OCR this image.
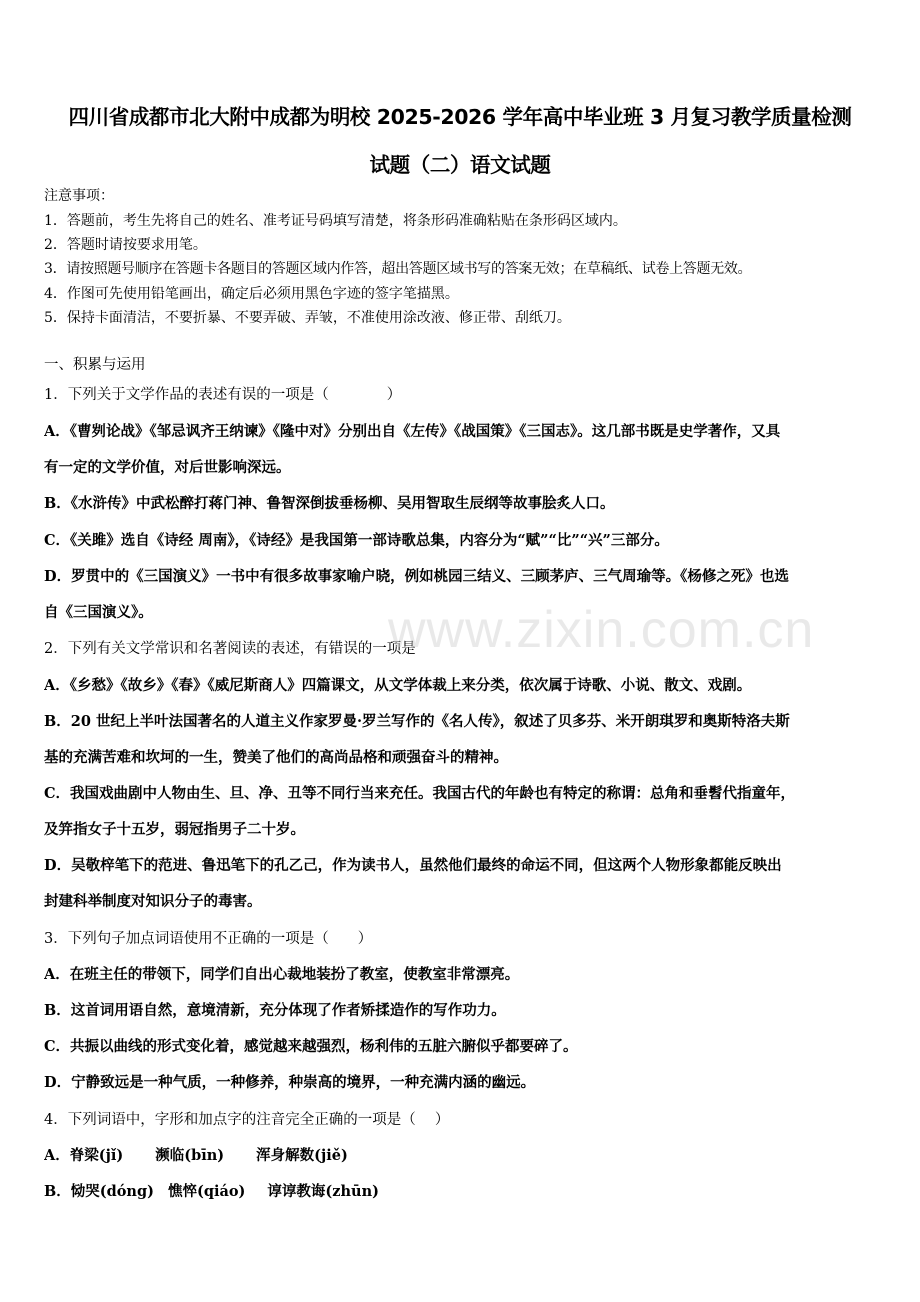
四川省成都市北大附中成都为明校 2025-2026 学年高中毕业班 3 月复习教学质量检测
试题（二）语文试题
注意事项：
1．答题前，考生先将自己的姓名、准考证号码填写清楚，将条形码准确粘贴在条形码区域内。
2．答题时请按要求用笔。
3．请按照题号顺序在答题卡各题目的答题区域内作答，超出答题区域书写的答案无效；在草稿纸、试卷上答题无效。
4．作图可先使用铅笔画出，确定后必须用黑色字迹的签字笔描黑。
5．保持卡面清洁，不要折暴、不要弄破、弄皱，不准使用涂改液、修正带、刮纸刀。
一、积累与运用
1．下列关于文学作品的表述有误的一项是（　　　　）
A．《曹刿论战》《邹忌讽齐王纳谏》《隆中对》分别出自《左传》《战国策》《三国志》。这几部书既是史学著作，又具
有一定的文学价值，对后世影响深远。
B．《水浒传》中武松醉打蒋门神、鲁智深倒拔垂杨柳、吴用智取生辰纲等故事脍炙人口。
C．《关雎》选自《诗经 周南》，《诗经》是我国第一部诗歌总集，内容分为“赋”“比”“兴”三部分。
D．罗贯中的《三国演义》一书中有很多故事家喻户晓，例如桃园三结义、三顾茅庐、三气周瑜等。《杨修之死》也选
自《三国演义》。
2．下列有关文学常识和名著阅读的表述，有错误的一项是
A．《乡愁》《故乡》《春》《威尼斯商人》四篇课文，从文学体裁上来分类，依次属于诗歌、小说、散文、戏剧。
B．20 世纪上半叶法国著名的人道主义作家罗曼·罗兰写作的《名人传》，叙述了贝多芬、米开朗琪罗和奥斯特洛夫斯
基的充满苦难和坎坷的一生，赞美了他们的高尚品格和顽强奋斗的精神。
C．我国戏曲剧中人物由生、旦、净、丑等不同行当来充任。我国古代的年龄也有特定的称谓：总角和垂髫代指童年，
及笄指女子十五岁，弱冠指男子二十岁。
D．吴敬梓笔下的范进、鲁迅笔下的孔乙己，作为读书人，虽然他们最终的命运不同，但这两个人物形象都能反映出
封建科举制度对知识分子的毒害。
3．下列句子加点词语使用不正确的一项是（　　）
A．在班主任的带领下，同学们自出心裁地装扮了教室，使教室非常漂亮。
B．这首词用语自然，意境清新，充分体现了作者矫揉造作的写作功力。
C．共振以曲线的形式变化着，感觉越来越强烈，杨利伟的五脏六腑似乎都要碎了。
D．宁静致远是一种气质，一种修养，种崇高的境界，一种充满内涵的幽远。
4．下列词语中，字形和加点字的注音完全正确的一项是（　 ）
A．脊梁(jǐ) 濒临(bīn) 浑身解数(jiě)
B．恸哭(dóng) 憔悴(qiáo) 谆谆教诲(zhūn)
www.zixin.com.cn
